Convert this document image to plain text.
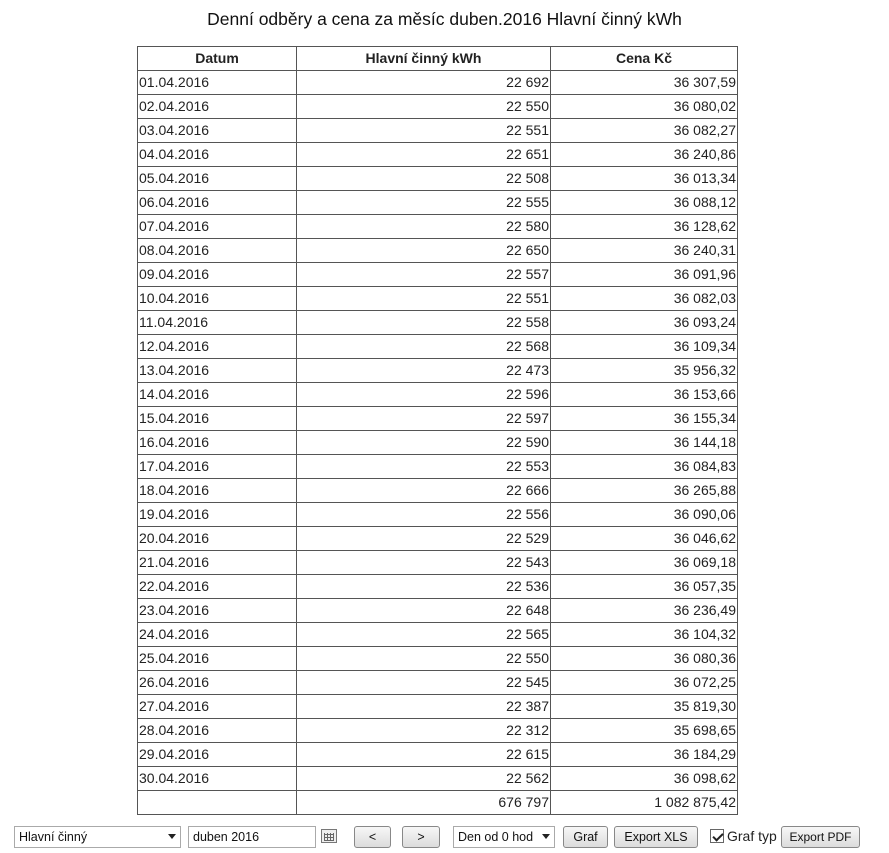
Denní odběry a cena za měsíc duben.2016 Hlavní činný kWh
Datum	Hlavní činný kWh	Cena Kč
01.04.2016	22 692	36 307,59
02.04.2016	22 550	36 080,02
03.04.2016	22 551	36 082,27
04.04.2016	22 651	36 240,86
05.04.2016	22 508	36 013,34
06.04.2016	22 555	36 088,12
07.04.2016	22 580	36 128,62
08.04.2016	22 650	36 240,31
09.04.2016	22 557	36 091,96
10.04.2016	22 551	36 082,03
11.04.2016	22 558	36 093,24
12.04.2016	22 568	36 109,34
13.04.2016	22 473	35 956,32
14.04.2016	22 596	36 153,66
15.04.2016	22 597	36 155,34
16.04.2016	22 590	36 144,18
17.04.2016	22 553	36 084,83
18.04.2016	22 666	36 265,88
19.04.2016	22 556	36 090,06
20.04.2016	22 529	36 046,62
21.04.2016	22 543	36 069,18
22.04.2016	22 536	36 057,35
23.04.2016	22 648	36 236,49
24.04.2016	22 565	36 104,32
25.04.2016	22 550	36 080,36
26.04.2016	22 545	36 072,25
27.04.2016	22 387	35 819,30
28.04.2016	22 312	35 698,65
29.04.2016	22 615	36 184,29
30.04.2016	22 562	36 098,62
	676 797	1 082 875,42
Hlavní činný	duben 2016	<	>	Den od 0 hod	Graf	Export XLS	Graf typ	Export PDF
